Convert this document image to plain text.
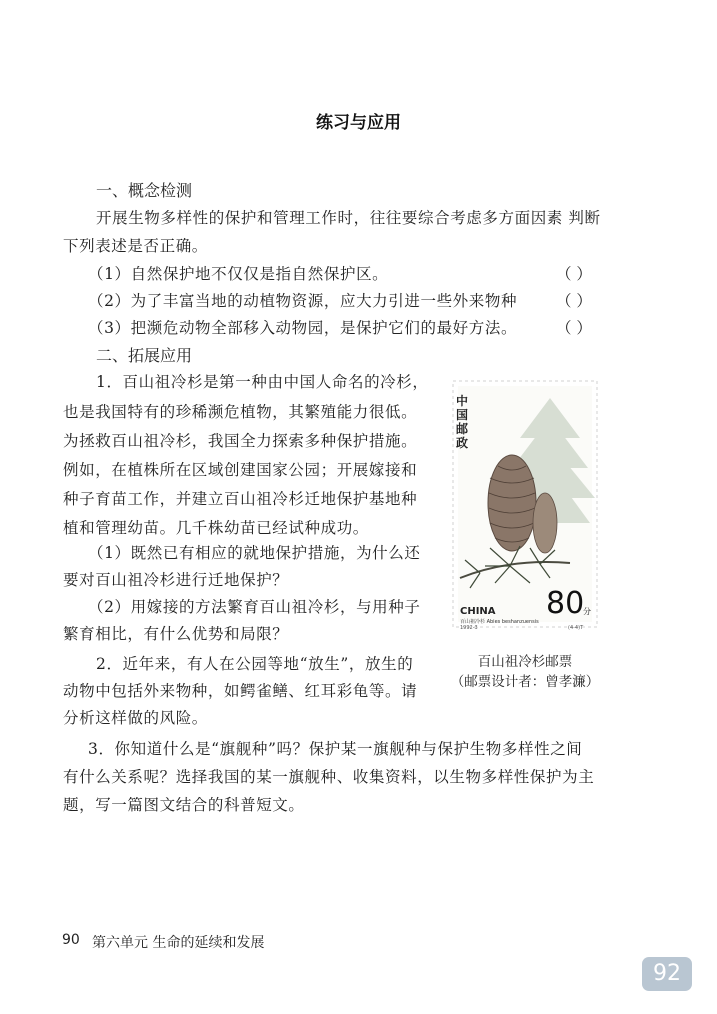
练习与应用
一、概念检测
开展生物多样性的保护和管理工作时，往往要综合考虑多方面因素 判断
下列表述是否正确。
（1）自然保护地不仅仅是指自然保护区。	（ ）
（2）为了丰富当地的动植物资源，应大力引进一些外来物种	（ ）
（3）把濒危动物全部移入动物园，是保护它们的最好方法。	（ ）
二、拓展应用
1．百山祖冷杉是第一种由中国人命名的冷杉，
也是我国特有的珍稀濒危植物，其繁殖能力很低。
为拯救百山祖冷杉，我国全力探索多种保护措施。
例如，在植株所在区域创建国家公园；开展嫁接和
种子育苗工作，并建立百山祖冷杉迁地保护基地种
植和管理幼苗。几千株幼苗已经试种成功。
（1）既然已有相应的就地保护措施，为什么还
要对百山祖冷杉进行迁地保护？
（2）用嫁接的方法繁育百山祖冷杉，与用种子
繁育相比，有什么优势和局限？
2．近年来，有人在公园等地“放生”，放生的
动物中包括外来物种，如鳄雀鳝、红耳彩龟等。请
分析这样做的风险。
3．你知道什么是“旗舰种”吗？保护某一旗舰种与保护生物多样性之间
有什么关系呢？选择我国的某一旗舰种、收集资料，以生物多样性保护为主
题，写一篇图文结合的科普短文。
中国邮政
CHINA
百山祖冷杉 Abies beshanzuensis
80
分
1992-3	(4-4)T
百山祖冷杉邮票
（邮票设计者：曾孝濂）
90 第六单元 生命的延续和发展
92
